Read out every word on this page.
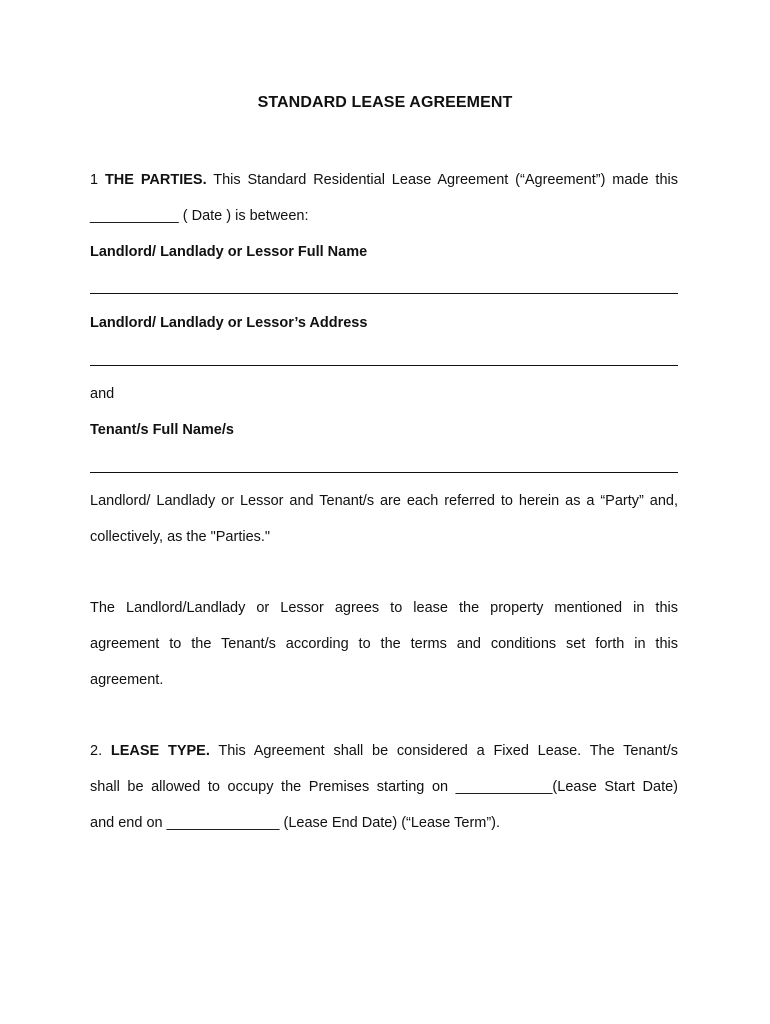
STANDARD LEASE AGREEMENT
1 THE PARTIES. This Standard Residential Lease Agreement (“Agreement”) made this
___________ ( Date ) is between:
Landlord/ Landlady or Lessor Full Name
Landlord/ Landlady or Lessor’s Address
and
Tenant/s Full Name/s
Landlord/ Landlady or Lessor and Tenant/s are each referred to herein as a “Party” and,
collectively, as the "Parties."
The Landlord/Landlady or Lessor agrees to lease the property mentioned in this
agreement to the Tenant/s according to the terms and conditions set forth in this
agreement.
2. LEASE TYPE. This Agreement shall be considered a Fixed Lease. The Tenant/s
shall be allowed to occupy the Premises starting on ____________(Lease Start Date)
and end on ______________ (Lease End Date) (“Lease Term”).
